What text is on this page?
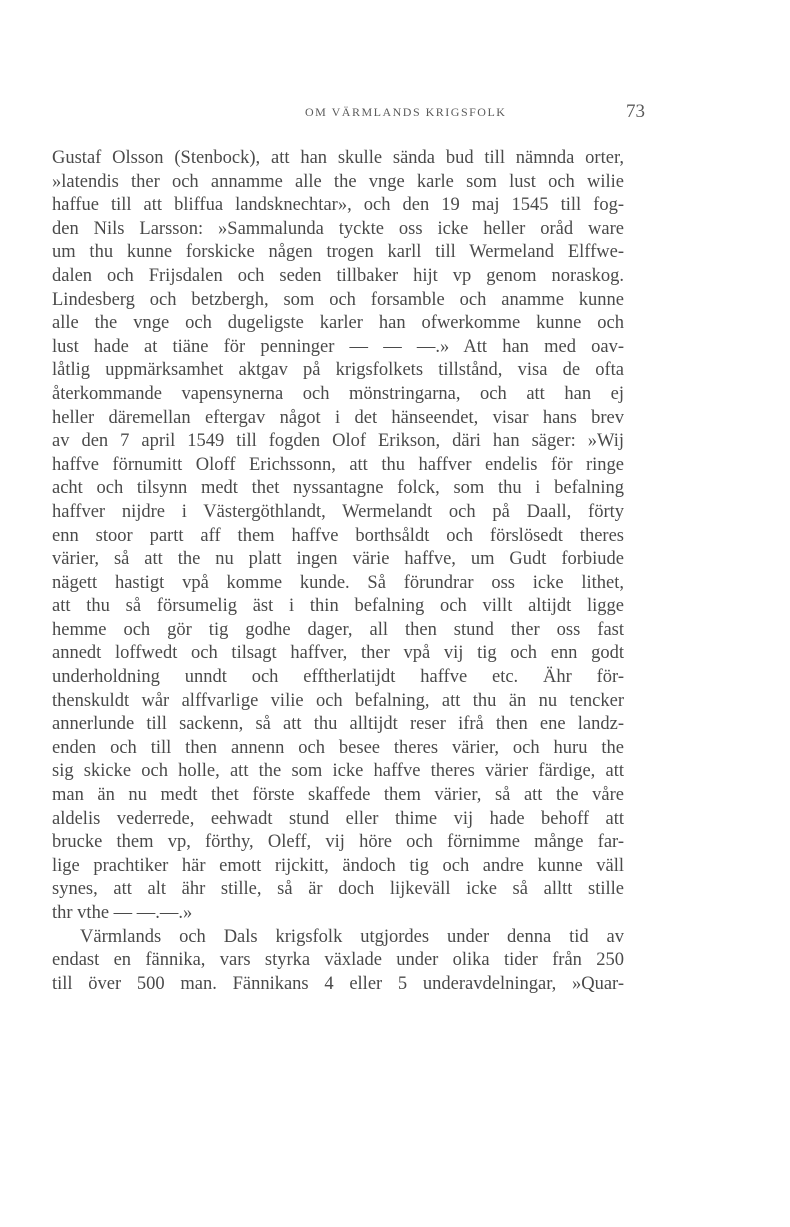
OM VÄRMLANDS KRIGSFOLK	73
Gustaf Olsson (Stenbock), att han skulle sända bud till nämnda orter,
»latendis ther och annamme alle the vnge karle som lust och wilie
haffue till att bliffua landsknechtar», och den 19 maj 1545 till fog-
den Nils Larsson: »Sammalunda tyckte oss icke heller oråd ware
um thu kunne forskicke någen trogen karll till Wermeland Elffwe-
dalen och Frijsdalen och seden tillbaker hijt vp genom noraskog.
Lindesberg och betzbergh, som och forsamble och anamme kunne
alle the vnge och dugeligste karler han ofwerkomme kunne och
lust hade at tiäne för penninger — — —.» Att han med oav-
låtlig uppmärksamhet aktgav på krigsfolkets tillstånd, visa de ofta
återkommande vapensynerna och mönstringarna, och att han ej
heller däremellan eftergav något i det hänseendet, visar hans brev
av den 7 april 1549 till fogden Olof Erikson, däri han säger: »Wij
haffve förnumitt Oloff Erichssonn, att thu haffver endelis för ringe
acht och tilsynn medt thet nyssantagne folck, som thu i befalning
haffver nijdre i Västergöthlandt, Wermelandt och på Daall, förty
enn stoor partt aff them haffve borthsåldt och förslösedt theres
värier, så att the nu platt ingen värie haffve, um Gudt forbiude
nägett hastigt vpå komme kunde. Så förundrar oss icke lithet,
att thu så försumelig äst i thin befalning och villt altijdt ligge
hemme och gör tig godhe dager, all then stund ther oss fast
annedt loffwedt och tilsagt haffver, ther vpå vij tig och enn godt
underholdning unndt och efftherlatijdt haffve etc. Ähr för-
thenskuldt wår alffvarlige vilie och befalning, att thu än nu tencker
annerlunde till sackenn, så att thu alltijdt reser ifrå then ene landz-
enden och till then annenn och besee theres värier, och huru the
sig skicke och holle, att the som icke haffve theres värier färdige, att
man än nu medt thet förste skaffede them värier, så att the våre
aldelis vederrede, eehwadt stund eller thime vij hade behoff att
brucke them vp, förthy, Oleff, vij höre och förnimme månge far-
lige prachtiker här emott rijckitt, ändoch tig och andre kunne väll
synes, att alt ähr stille, så är doch lijkeväll icke så alltt stille
thr vthe — —.—.»
Värmlands och Dals krigsfolk utgjordes under denna tid av
endast en fännika, vars styrka växlade under olika tider från 250
till över 500 man. Fännikans 4 eller 5 underavdelningar, »Quar-
